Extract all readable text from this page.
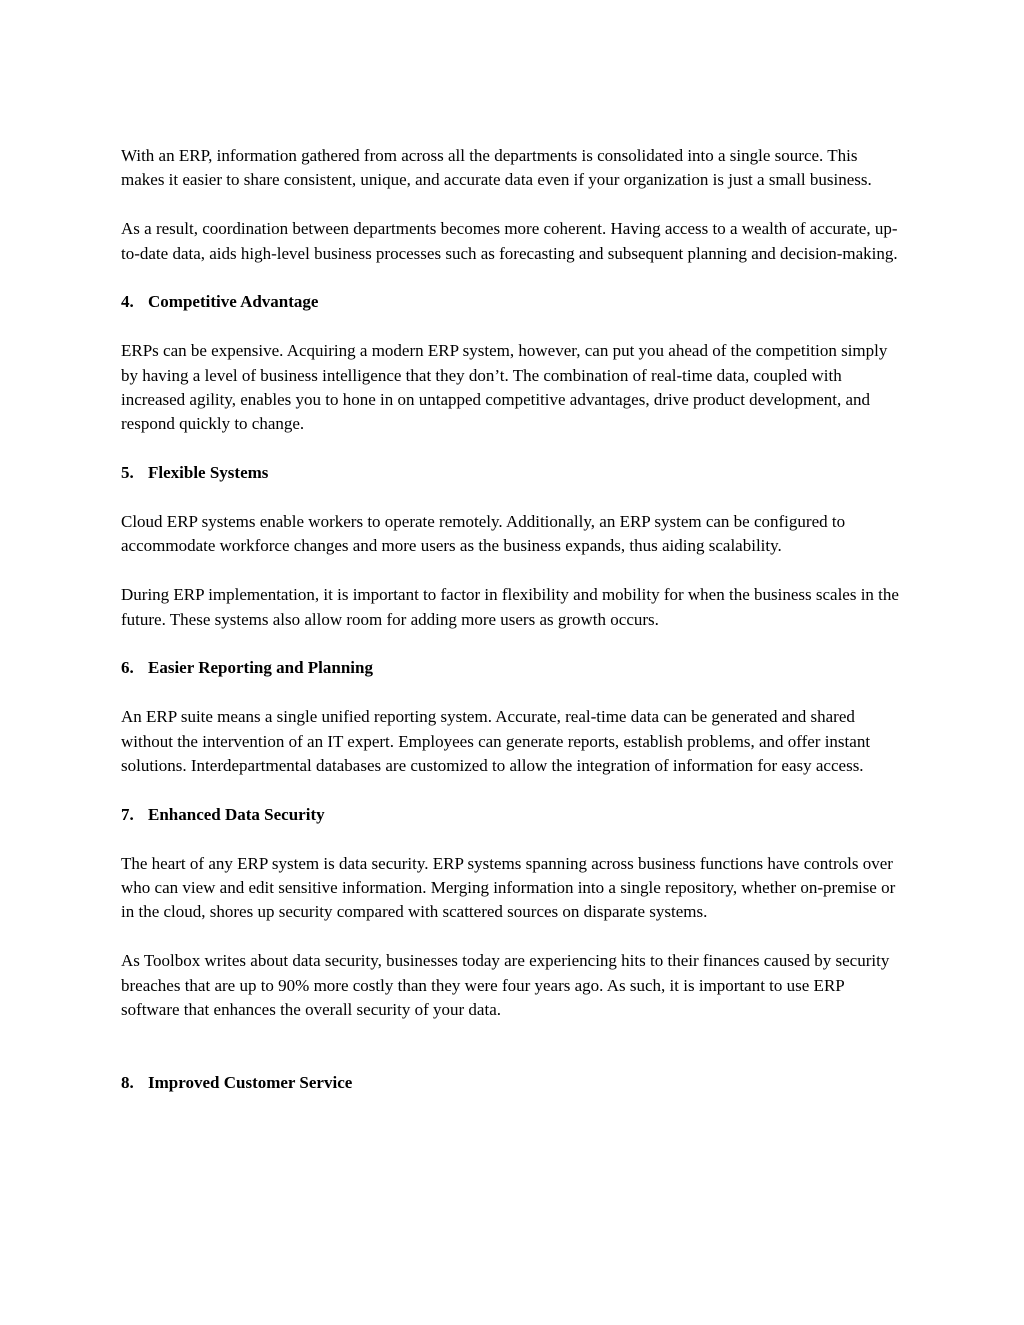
With an ERP, information gathered from across all the departments is consolidated into a single source. This makes it easier to share consistent, unique, and accurate data even if your organization is just a small business.

As a result, coordination between departments becomes more coherent. Having access to a wealth of accurate, up-to-date data, aids high-level business processes such as forecasting and subsequent planning and decision-making.

4. Competitive Advantage

ERPs can be expensive. Acquiring a modern ERP system, however, can put you ahead of the competition simply by having a level of business intelligence that they don’t. The combination of real-time data, coupled with increased agility, enables you to hone in on untapped competitive advantages, drive product development, and respond quickly to change.

5. Flexible Systems

Cloud ERP systems enable workers to operate remotely. Additionally, an ERP system can be configured to accommodate workforce changes and more users as the business expands, thus aiding scalability.

During ERP implementation, it is important to factor in flexibility and mobility for when the business scales in the future. These systems also allow room for adding more users as growth occurs.

6. Easier Reporting and Planning

An ERP suite means a single unified reporting system. Accurate, real-time data can be generated and shared without the intervention of an IT expert. Employees can generate reports, establish problems, and offer instant solutions. Interdepartmental databases are customized to allow the integration of information for easy access.

7. Enhanced Data Security

The heart of any ERP system is data security. ERP systems spanning across business functions have controls over who can view and edit sensitive information. Merging information into a single repository, whether on-premise or in the cloud, shores up security compared with scattered sources on disparate systems.

As Toolbox writes about data security, businesses today are experiencing hits to their finances caused by security breaches that are up to 90% more costly than they were four years ago. As such, it is important to use ERP software that enhances the overall security of your data.

8. Improved Customer Service
